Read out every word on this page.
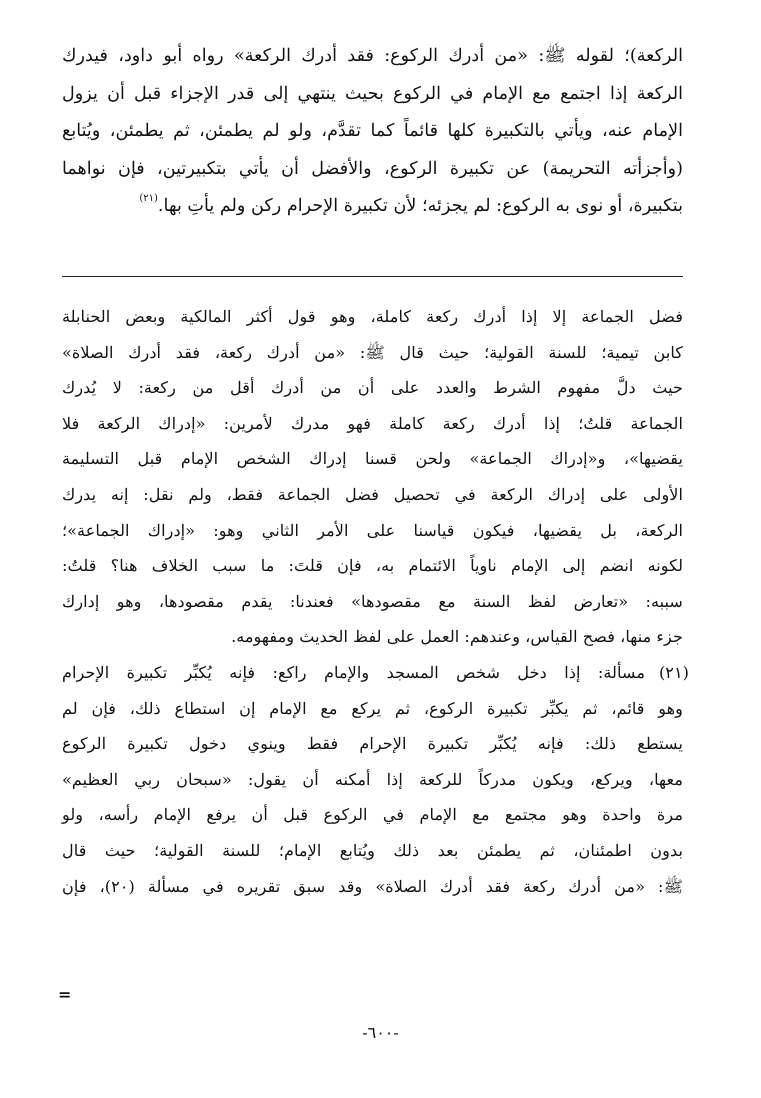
الركعة)؛ لقوله ﷺ: «من أدرك الركوع: فقد أدرك الركعة» رواه أبو داود، فيدرك

الركعة إذا اجتمع مع الإمام في الركوع بحيث ينتهي إلى قدر الإجزاء قبل أن يزول

الإمام عنه، ويأتي بالتكبيرة كلها قائماً كما تقدَّم، ولو لم يطمئن، ثم يطمئن، ويُتابع

(وأجزأته التحريمة) عن تكبيرة الركوع، والأفضل أن يأتي بتكبيرتين، فإن نواهما

بتكبيرة، أو نوى به الركوع: لم يجزئه؛ لأن تكبيرة الإحرام ركن ولم يأتِ بها.$^{(٢١)}$

فضل الجماعة إلا إذا أدرك ركعة كاملة، وهو قول أكثر المالكية وبعض الحنابلة

كابن تيمية؛ للسنة القولية؛ حيث قال ﷺ: «من أدرك ركعة، فقد أدرك الصلاة»

حيث دلَّ مفهوم الشرط والعدد على أن من أدرك أقل من ركعة: لا يُدرك

الجماعة قلتُ؛ إذا أدرك ركعة كاملة فهو مدرك لأمرين: «إدراك الركعة فلا

يقضيها»، و«إدراك الجماعة» ولحن قسنا إدراك الشخص الإمام قبل التسليمة

الأولى على إدراك الركعة في تحصيل فضل الجماعة فقط، ولم نقل: إنه يدرك

الركعة، بل يقضيها، فيكون قياسنا على الأمر الثاني وهو: «إدراك الجماعة»؛

لكونه انضم إلى الإمام ناوياً الائتمام به، فإن قلتَ: ما سبب الخلاف هنا؟ قلتُ:

سببه: «تعارض لفظ السنة مع مقصودها» فعندنا: يقدم مقصودها، وهو إدارك

جزء منها، فصح القياس، وعندهم: العمل على لفظ الحديث ومفهومه.

(٢١)

مسألة: إذا دخل شخص المسجد والإمام راكع: فإنه يُكبِّر تكبيرة الإحرام

وهو قائم، ثم يكبِّر تكبيرة الركوع، ثم يركع مع الإمام إن استطاع ذلك، فإن لم

يستطع ذلك: فإنه يُكبِّر تكبيرة الإحرام فقط وينوي دخول تكبيرة الركوع

معها، ويركع، ويكون مدركاً للركعة إذا أمكنه أن يقول: «سبحان ربي العظيم»

مرة واحدة وهو مجتمع مع الإمام في الركوع قبل أن يرفع الإمام رأسه، ولو

بدون اطمئنان، ثم يطمئن بعد ذلك ويُتابع الإمام؛ للسنة القولية؛ حيث قال

ﷺ: «من أدرك ركعة فقد أدرك الصلاة» وقد سبق تقريره في مسألة (٢٠)، فإن

=
-٦٠٠-
